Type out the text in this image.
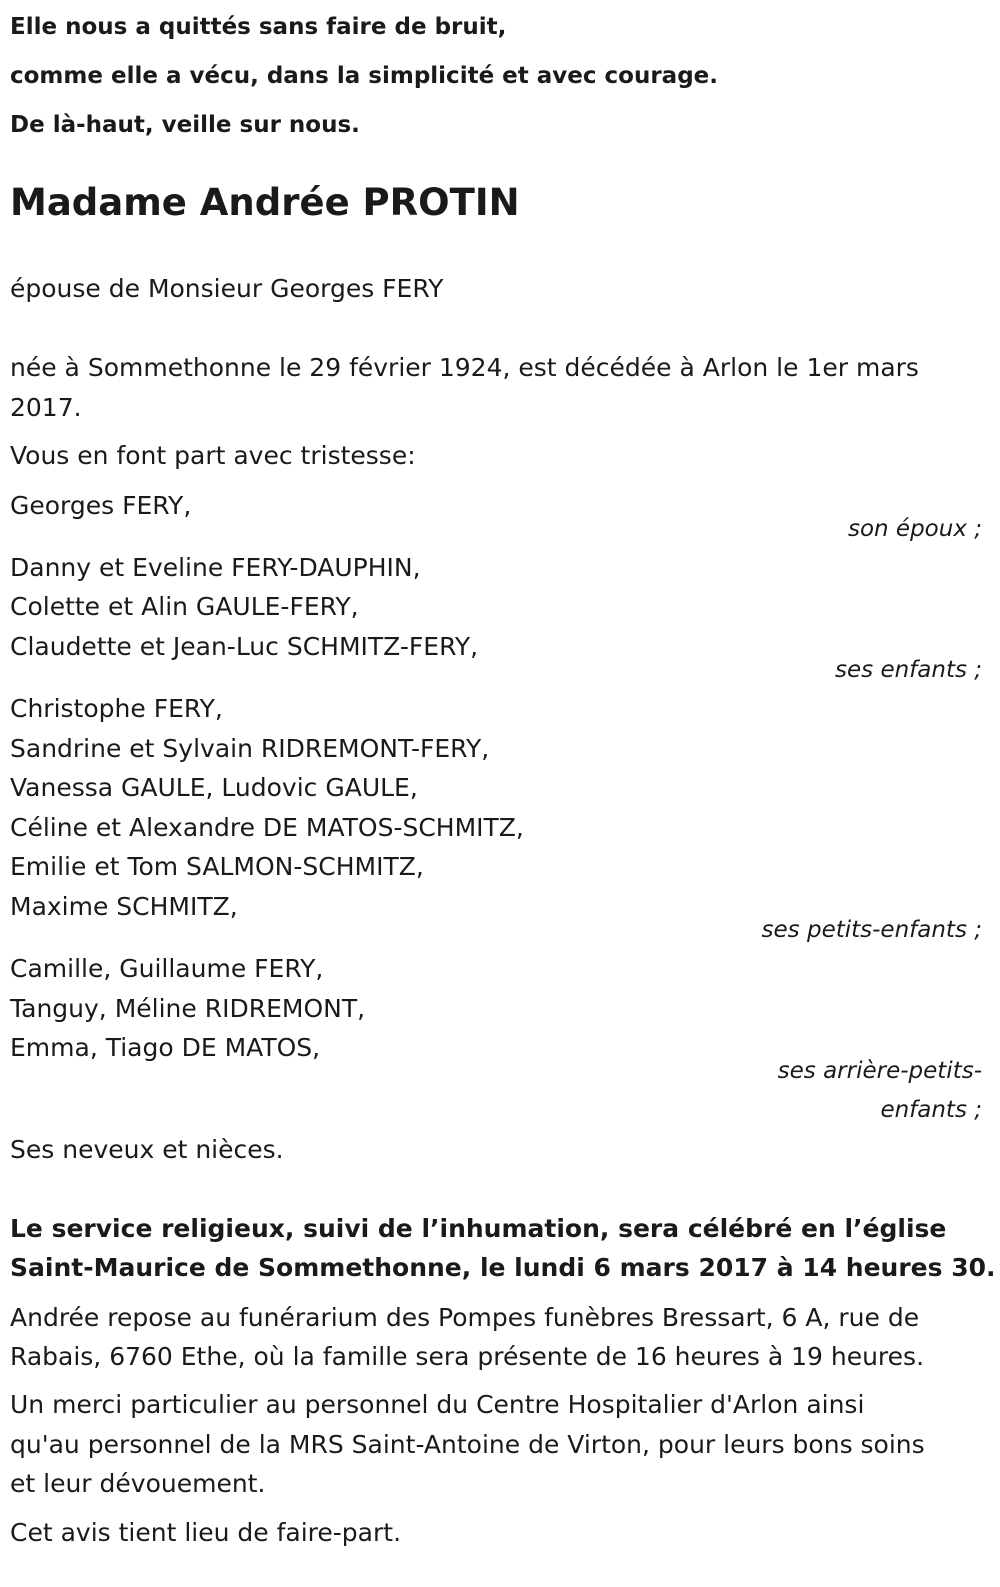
Elle nous a quittés sans faire de bruit,
comme elle a vécu, dans la simplicité et avec courage.
De là-haut, veille sur nous.
Madame Andrée PROTIN
épouse de Monsieur Georges FERY
née à Sommethonne le 29 février 1924, est décédée à Arlon le 1er mars
2017.
Vous en font part avec tristesse:
Georges FERY,
son époux ;
Danny et Eveline FERY-DAUPHIN,
Colette et Alin GAULE-FERY,
Claudette et Jean-Luc SCHMITZ-FERY,
ses enfants ;
Christophe FERY,
Sandrine et Sylvain RIDREMONT-FERY,
Vanessa GAULE, Ludovic GAULE,
Céline et Alexandre DE MATOS-SCHMITZ,
Emilie et Tom SALMON-SCHMITZ,
Maxime SCHMITZ,
ses petits-enfants ;
Camille, Guillaume FERY,
Tanguy, Méline RIDREMONT,
Emma, Tiago DE MATOS,
ses arrière-petits-
enfants ;
Ses neveux et nièces.
Le service religieux, suivi de l’inhumation, sera célébré en l’église
Saint-Maurice de Sommethonne, le lundi 6 mars 2017 à 14 heures 30.
Andrée repose au funérarium des Pompes funèbres Bressart, 6 A, rue de
Rabais, 6760 Ethe, où la famille sera présente de 16 heures à 19 heures.
Un merci particulier au personnel du Centre Hospitalier d'Arlon ainsi
qu'au personnel de la MRS Saint-Antoine de Virton, pour leurs bons soins
et leur dévouement.
Cet avis tient lieu de faire-part.
